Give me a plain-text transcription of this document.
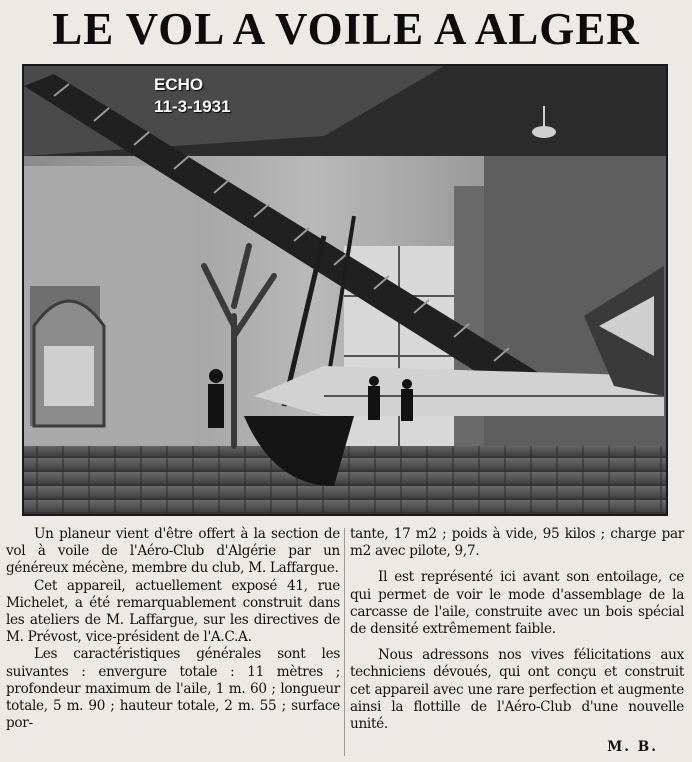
LE VOL A VOILE A ALGER
ECHO
11-3-1931

Un planeur vient d'être offert à la section de vol à voile de l'Aéro-Club d'Algérie par un généreux mécène, membre du club, M. Laffargue.

Cet appareil, actuellement exposé 41, rue Michelet, a été remarquablement construit dans les ateliers de M. Laffargue, sur les directives de M. Prévost, vice-président de l'A.C.A.

Les caractéristiques générales sont les suivantes : envergure totale : 11 mètres ; profondeur maximum de l'aile, 1 m. 60 ; longueur totale, 5 m. 90 ; hauteur totale, 2 m. 55 ; surface por-

tante, 17 m2 ; poids à vide, 95 kilos ; charge par m2 avec pilote, 9,7.

Il est représenté ici avant son entoilage, ce qui permet de voir le mode d'assemblage de la carcasse de l'aile, construite avec un bois spécial de densité extrêmement faible.

Nous adressons nos vives félicitations aux techniciens dévoués, qui ont conçu et construit cet appareil avec une rare perfection et augmente ainsi la flottille de l'Aéro-Club d'une nouvelle unité.

M. B.
